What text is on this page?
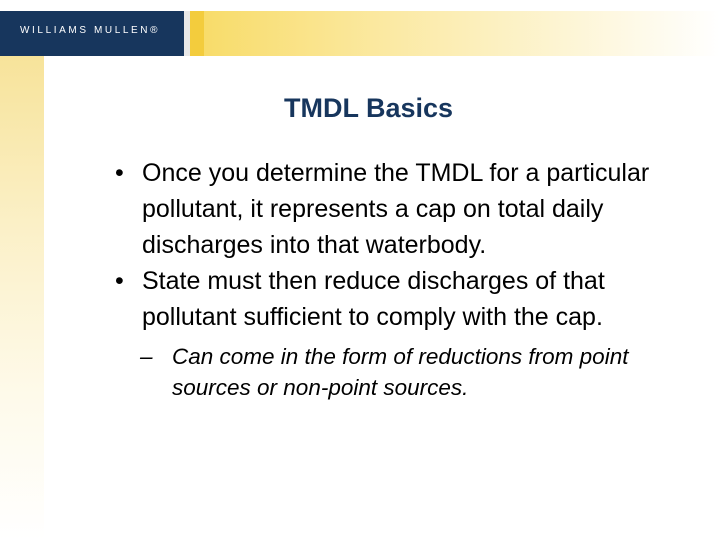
WILLIAMS MULLEN®
TMDL Basics

• Once you determine the TMDL for a particular pollutant, it represents a cap on total daily discharges into that waterbody.

• State must then reduce discharges of that pollutant sufficient to comply with the cap.

– Can come in the form of reductions from point sources or non-point sources.
